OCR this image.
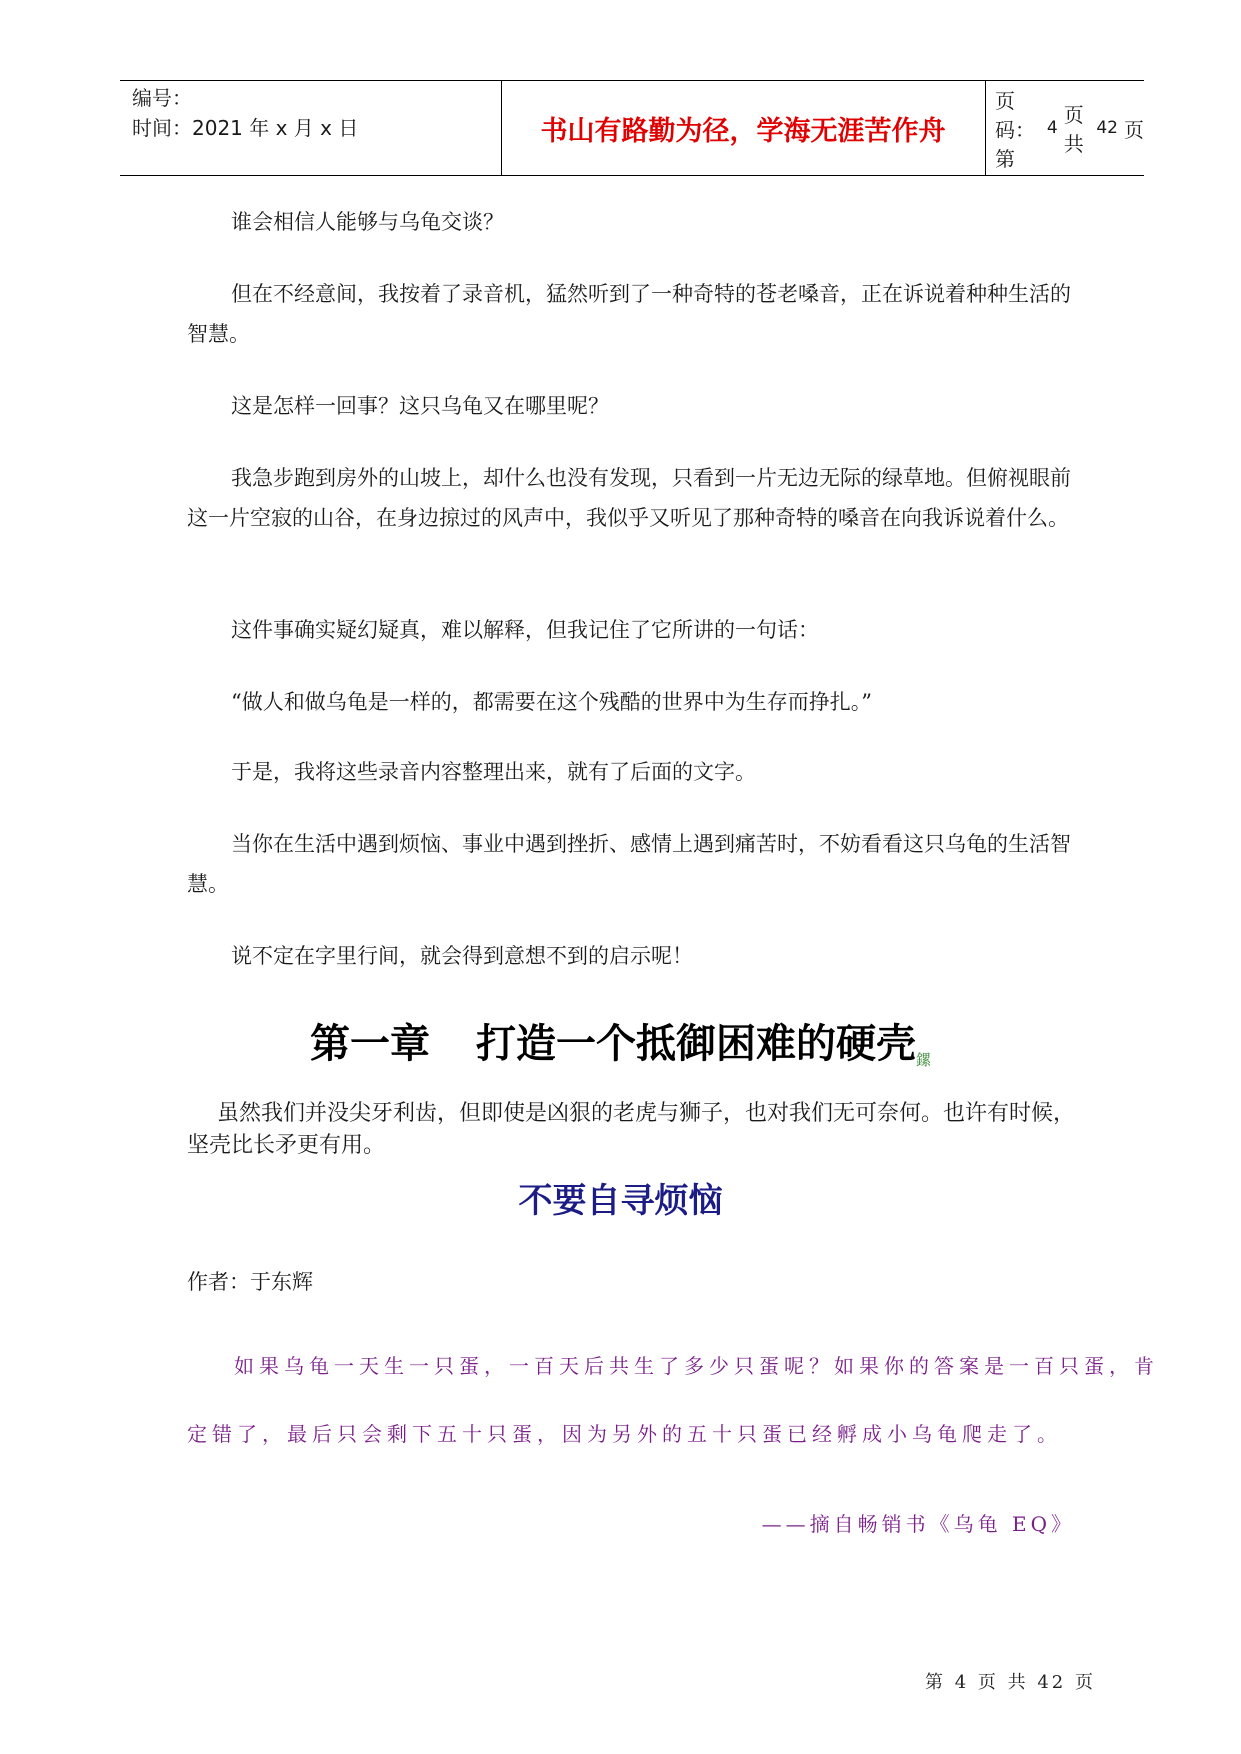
编号：
时间：2021 年 x 月 x 日	书山有路勤为径，学海无涯苦作舟
页码：第
4
页 共
42 页
谁会相信人能够与乌龟交谈？
但在不经意间，我按着了录音机，猛然听到了一种奇特的苍老嗓音，正在诉说着种种生活的智慧。
这是怎样一回事？这只乌龟又在哪里呢？
我急步跑到房外的山坡上，却什么也没有发现，只看到一片无边无际的绿草地。但俯视眼前这一片空寂的山谷，在身边掠过的风声中，我似乎又听见了那种奇特的嗓音在向我诉说着什么。
这件事确实疑幻疑真，难以解释，但我记住了它所讲的一句话：
“做人和做乌龟是一样的，都需要在这个残酷的世界中为生存而挣扎。”
于是，我将这些录音内容整理出来，就有了后面的文字。
当你在生活中遇到烦恼、事业中遇到挫折、感情上遇到痛苦时，不妨看看这只乌龟的生活智慧。
说不定在字里行间，就会得到意想不到的启示呢！
第一章 打造一个抵御困难的硬壳$_鏍$
虽然我们并没尖牙利齿，但即使是凶狠的老虎与狮子，也对我们无可奈何。也许有时候，坚壳比长矛更有用。
不要自寻烦恼
作者：于东辉
如果乌龟一天生一只蛋，一百天后共生了多少只蛋呢？如果你的答案是一百只蛋，肯
定错了，最后只会剩下五十只蛋，因为另外的五十只蛋已经孵成小乌龟爬走了。
——摘自畅销书《乌龟 EQ》
第 4 页 共 42 页
